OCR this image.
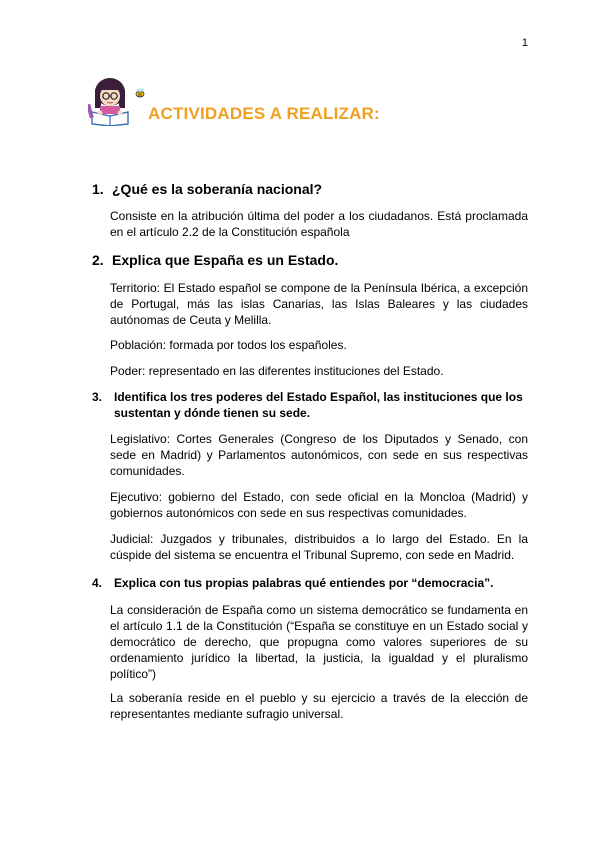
1
ACTIVIDADES A REALIZAR:
1. ¿Qué es la soberanía nacional?
Consiste en la atribución última del poder a los ciudadanos. Está proclamada en el artículo 2.2 de la Constitución española
2. Explica que España es un Estado.
Territorio: El Estado español se compone de la Península Ibérica, a excepción de Portugal, más las islas Canarias, las Islas Baleares y las ciudades autónomas de Ceuta y Melilla.
Población: formada por todos los españoles.
Poder: representado en las diferentes instituciones del Estado.
3. Identifica los tres poderes del Estado Español, las instituciones que los sustentan y dónde tienen su sede.
Legislativo: Cortes Generales (Congreso de los Diputados y Senado, con sede en Madrid) y Parlamentos autonómicos, con sede en sus respectivas comunidades.
Ejecutivo: gobierno del Estado, con sede oficial en la Moncloa (Madrid) y gobiernos autonómicos con sede en sus respectivas comunidades.
Judicial: Juzgados y tribunales, distribuidos a lo largo del Estado. En la cúspide del sistema se encuentra el Tribunal Supremo, con sede en Madrid.
4. Explica con tus propias palabras qué entiendes por “democracia”.
La consideración de España como un sistema democrático se fundamenta en el artículo 1.1 de la Constitución (“España se constituye en un Estado social y democrático de derecho, que propugna como valores superiores de su ordenamiento jurídico la libertad, la justicia, la igualdad y el pluralismo político”)
La soberanía reside en el pueblo y su ejercicio a través de la elección de representantes mediante sufragio universal.
